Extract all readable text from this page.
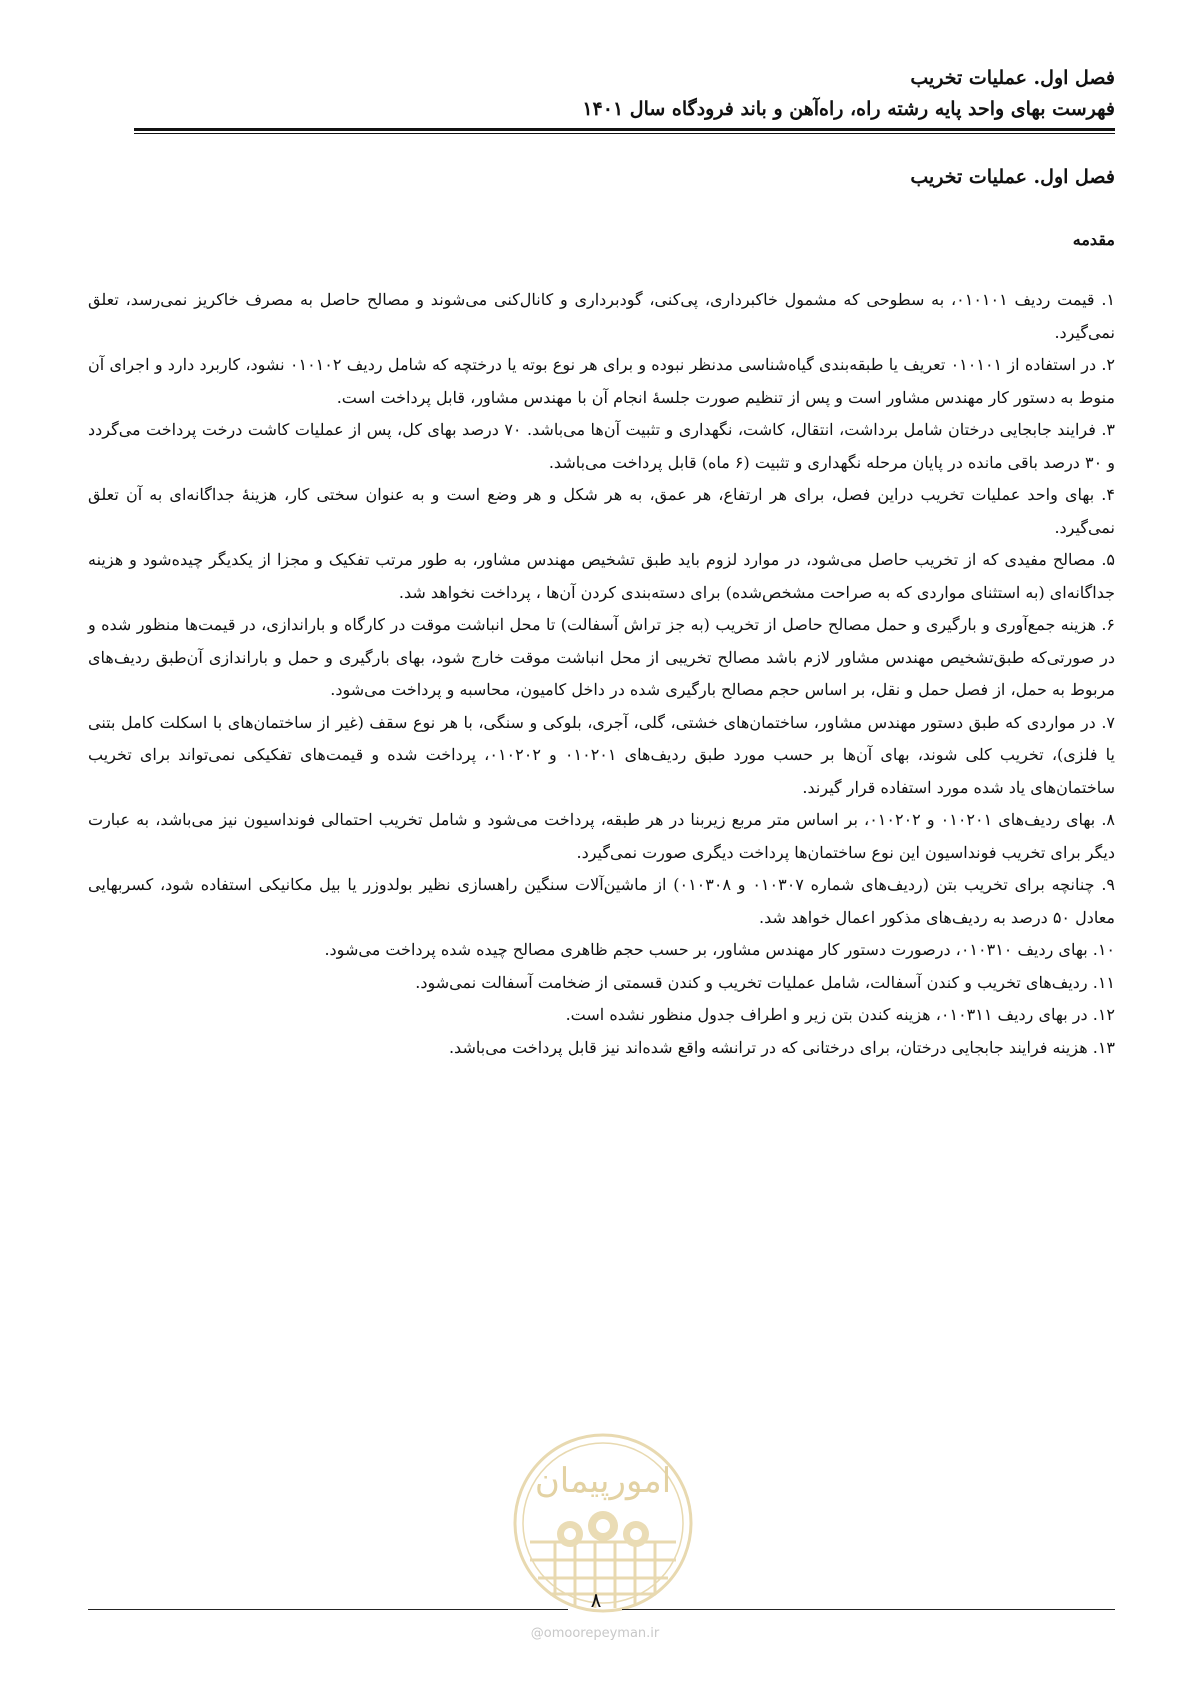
فصل اول. عملیات تخریب
فهرست بهای واحد پایه رشته راه، راه‌آهن و باند فرودگاه سال ۱۴۰۱
فصل اول. عملیات تخریب
مقدمه

۱. قیمت ردیف ۰۱۰۱۰۱، به سطوحی که مشمول خاکبرداری، پی‌کنی، گودبرداری و کانال‌کنی می‌شوند و مصالح حاصل به مصرف خاکریز نمی‌رسد، تعلق نمی‌گیرد.

۲. در استفاده از ۰۱۰۱۰۱ تعریف یا طبقه‌بندی گیاه‌شناسی مدنظر نبوده و برای هر نوع بوته یا درختچه که شامل ردیف ۰۱۰۱۰۲ نشود، کاربرد دارد و اجرای آن منوط به دستور کار مهندس مشاور است و پس از تنظیم صورت جلسهٔ انجام آن با مهندس مشاور، قابل پرداخت است.

۳. فرایند جابجایی درختان شامل برداشت، انتقال، کاشت، نگهداری و تثبیت آن‌ها می‌باشد. ۷۰ درصد بهای کل، پس از عملیات کاشت درخت پرداخت می‌گردد و ۳۰ درصد باقی مانده در پایان مرحله نگهداری و تثبیت (۶ ماه) قابل پرداخت می‌باشد.

۴. بهای واحد عملیات تخریب دراین فصل، برای هر ارتفاع، هر عمق، به هر شکل و هر وضع است و به عنوان سختی کار، هزینهٔ جداگانه‌ای به آن تعلق نمی‌گیرد.

۵. مصالح مفیدی که از تخریب حاصل می‌شود، در موارد لزوم باید طبق تشخیص مهندس مشاور، به طور مرتب تفکیک و مجزا از یکدیگر چیده‌شود و هزینه جداگانه‌ای (به استثنای مواردی که به صراحت مشخص‌شده) برای دسته‌بندی کردن آن‌ها ، پرداخت نخواهد شد.

۶. هزینه جمع‌آوری و بارگیری و حمل مصالح حاصل از تخریب (به جز تراش آسفالت) تا محل انباشت موقت در کارگاه و باراندازی، در قیمت‌ها منظور شده و در صورتی‌که طبق‌تشخیص مهندس مشاور لازم باشد مصالح تخریبی از محل انباشت موقت خارج شود، بهای بارگیری و حمل و باراندازی آن‌طبق ردیف‌های مربوط به حمل، از فصل حمل و نقل، بر اساس حجم مصالح بارگیری شده در داخل کامیون، محاسبه و پرداخت می‌شود.

۷. در مواردی که طبق دستور مهندس مشاور، ساختمان‌های خشتی، گلی، آجری، بلوکی و سنگی، با هر نوع سقف (غیر از ساختمان‌های با اسکلت کامل بتنی یا فلزی)، تخریب کلی شوند، بهای آن‌ها بر حسب مورد طبق ردیف‌های ۰۱۰۲۰۱ و ۰۱۰۲۰۲، پرداخت شده و قیمت‌های تفکیکی نمی‌تواند برای تخریب ساختمان‌های یاد شده مورد استفاده قرار گیرند.

۸. بهای ردیف‌های ۰۱۰۲۰۱ و ۰۱۰۲۰۲، بر اساس متر مربع زیربنا در هر طبقه، پرداخت می‌شود و شامل تخریب احتمالی فونداسیون نیز می‌باشد، به عبارت دیگر برای تخریب فونداسیون این نوع ساختمان‌ها پرداخت دیگری صورت نمی‌گیرد.

۹. چنانچه برای تخریب بتن (ردیف‌های شماره ۰۱۰۳۰۷ و ۰۱۰۳۰۸) از ماشین‌آلات سنگین راهسازی نظیر بولدوزر یا بیل مکانیکی استفاده شود، کسربهایی معادل ۵۰ درصد به ردیف‌های مذکور اعمال خواهد شد.

۱۰. بهای ردیف ۰۱۰۳۱۰، درصورت دستور کار مهندس مشاور، بر حسب حجم ظاهری مصالح چیده شده پرداخت می‌شود.

۱۱. ردیف‌های تخریب و کندن آسفالت، شامل عملیات تخریب و کندن قسمتی از ضخامت آسفالت نمی‌شود.

۱۲. در بهای ردیف ۰۱۰۳۱۱، هزینه کندن بتن زیر و اطراف جدول منظور نشده است.

۱۳. هزینه فرایند جابجایی درختان، برای درختانی که در ترانشه واقع شده‌اند نیز قابل پرداخت می‌باشد.

امورپیمان
۸
@omoorepeyman.ir
